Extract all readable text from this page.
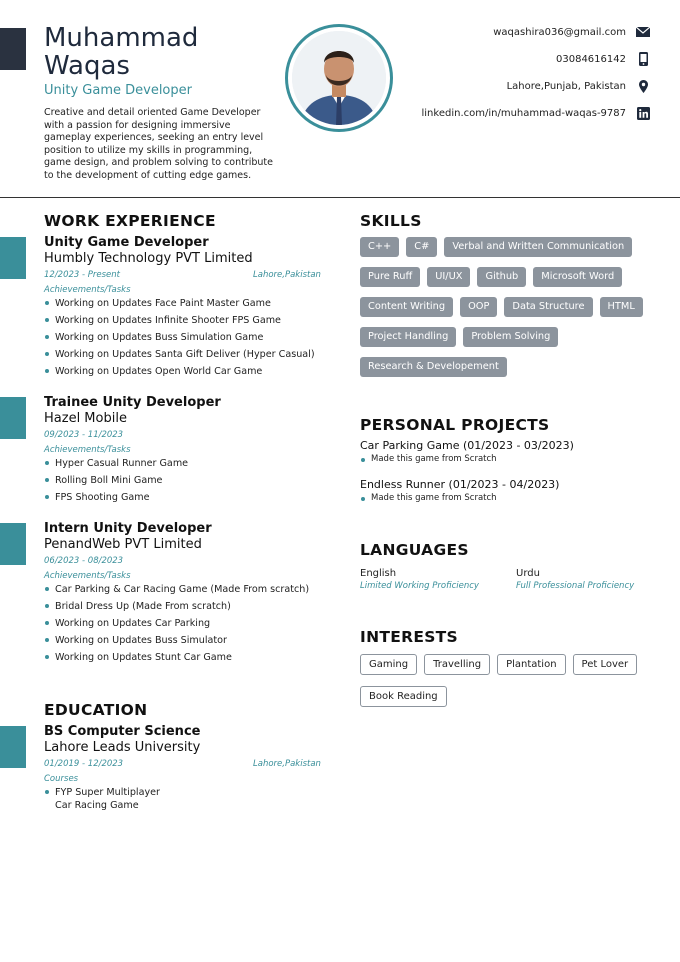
Muhammad
Waqas
Unity Game Developer
Creative and detail oriented Game Developer with a passion for designing immersive gameplay experiences, seeking an entry level position to utilize my skills in programming, game design, and problem solving to contribute to the development of cutting edge games.
waqashira036@gmail.com
03084616142
Lahore,Punjab, Pakistan
linkedin.com/in/muhammad-waqas-9787
WORK EXPERIENCE
Unity Game Developer
Humbly Technology PVT Limited
12/2023 - Present	Lahore,Pakistan
Achievements/Tasks
Working on Updates Face Paint Master Game
Working on Updates Infinite Shooter FPS Game
Working on Updates Buss Simulation Game
Working on Updates Santa Gift Deliver (Hyper Casual)
Working on Updates Open World Car Game
Trainee Unity Developer
Hazel Mobile
09/2023 - 11/2023
Achievements/Tasks
Hyper Casual Runner Game
Rolling Boll Mini Game
FPS Shooting Game
Intern Unity Developer
PenandWeb PVT Limited
06/2023 - 08/2023
Achievements/Tasks
Car Parking & Car Racing Game (Made From scratch)
Bridal Dress Up (Made From scratch)
Working on Updates Car Parking
Working on Updates Buss Simulator
Working on Updates Stunt Car Game
EDUCATION
BS Computer Science
Lahore Leads University
01/2019 - 12/2023	Lahore,Pakistan
Courses
FYP Super Multiplayer
Car Racing Game
SKILLS
C++	C#	Verbal and Written Communication
Pure Ruff	UI/UX	Github	Microsoft Word
Content Writing	OOP	Data Structure	HTML
Project Handling	Problem Solving
Research & Developement
PERSONAL PROJECTS
Car Parking Game (01/2023 - 03/2023)
Made this game from Scratch
Endless Runner (01/2023 - 04/2023)
Made this game from Scratch
LANGUAGES
English
Limited Working Proficiency
Urdu
Full Professional Proficiency
INTERESTS
Gaming	Travelling	Plantation	Pet Lover
Book Reading
